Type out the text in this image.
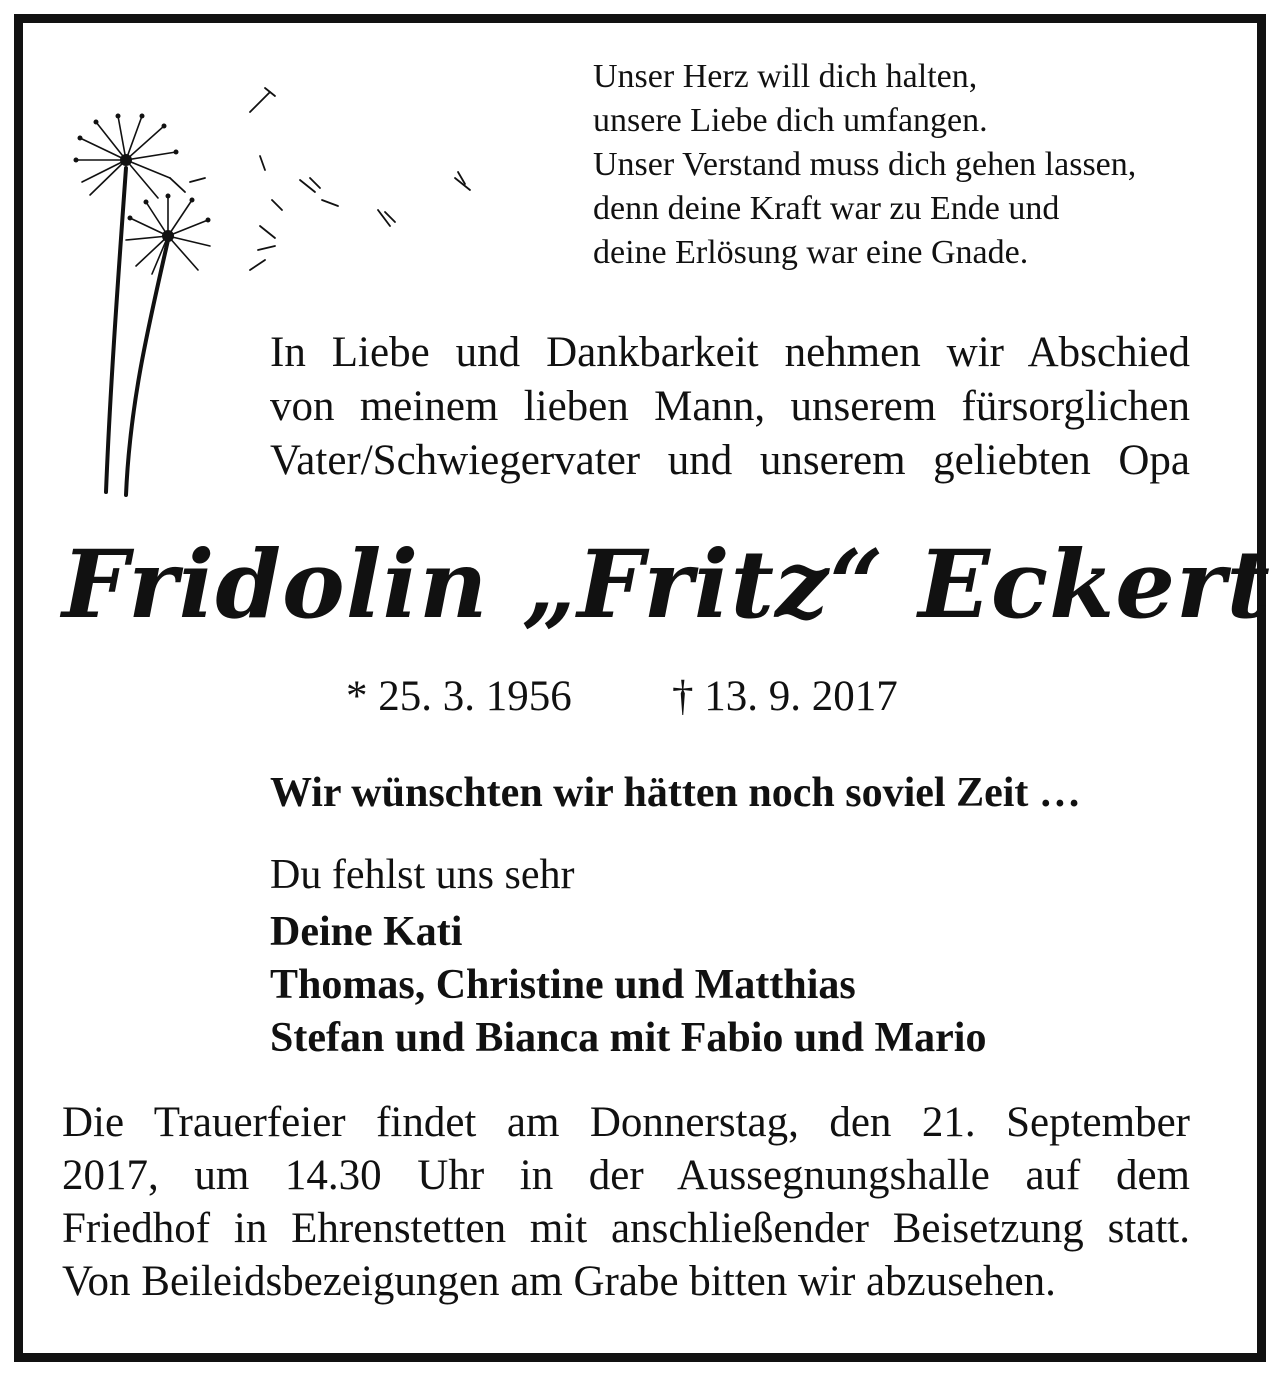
Unser Herz will dich halten,
unsere Liebe dich umfangen.
Unser Verstand muss dich gehen lassen,
denn deine Kraft war zu Ende und
deine Erlösung war eine Gnade.
In Liebe und Dankbarkeit nehmen wir Abschied
von meinem lieben Mann, unserem fürsorglichen
Vater/Schwiegervater und unserem geliebten Opa
Fridolin „Fritz“ Eckert
* 25. 3. 1956 † 13. 9. 2017
Wir wünschten wir hätten noch soviel Zeit …
Du fehlst uns sehr
Deine Kati
Thomas, Christine und Matthias
Stefan und Bianca mit Fabio und Mario
Die Trauerfeier findet am Donnerstag, den 21. September
2017, um 14.30 Uhr in der Aussegnungshalle auf dem
Friedhof in Ehrenstetten mit anschließender Beisetzung statt.
Von Beileidsbezeigungen am Grabe bitten wir abzusehen.
